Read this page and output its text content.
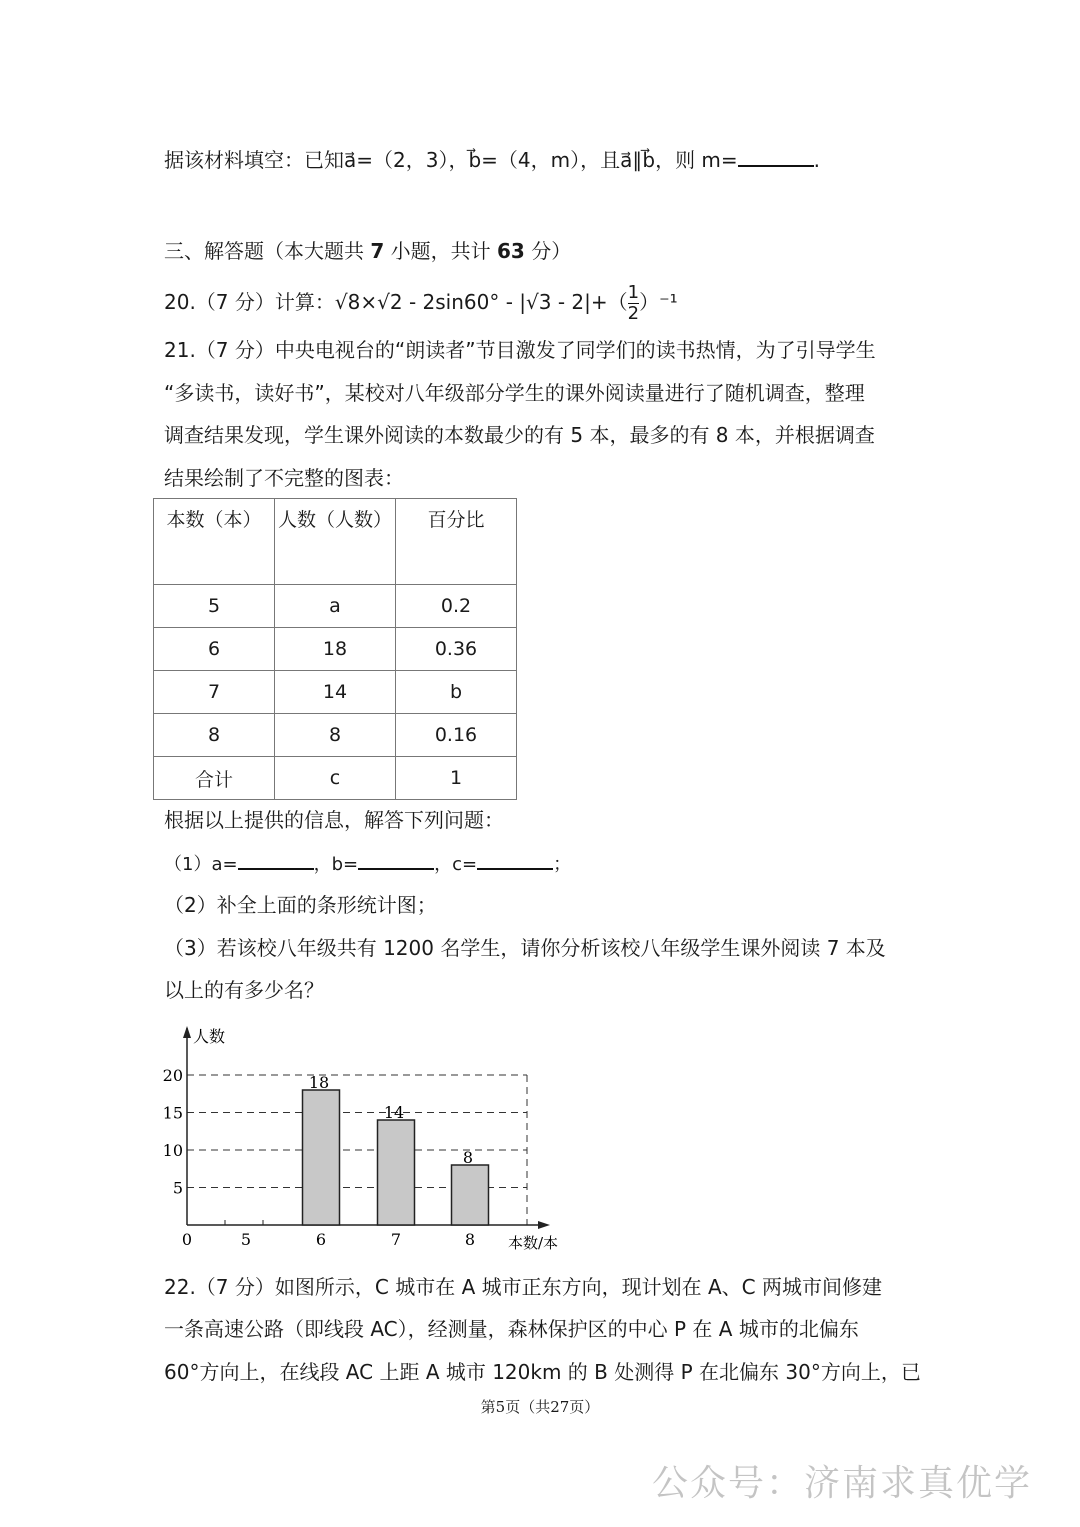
据该材料填空：已知a⃗=（2，3），b⃗=（4，m），且a⃗∥b⃗，则 m=	.
三、解答题（本大题共 7 小题，共计 63 分）
20.（7 分）计算：$√8\times√2 - 2\sin 60^\circ - |√3 - 2|+( \frac{1}{2} )^{-1}$
21.（7 分）中央电视台的“朗读者”节目激发了同学们的读书热情，为了引导学生
“多读书，读好书”，某校对八年级部分学生的课外阅读量进行了随机调查，整理
调查结果发现，学生课外阅读的本数最少的有 5 本，最多的有 8 本，并根据调查
结果绘制了不完整的图表：
本数（本）	人数（人数）	百分比
5	a	0.2
6	18	0.36
7	14	b
8	8	0.16
合计	c	1
根据以上提供的信息，解答下列问题：
（1）a=	，b=	，c=	；
（2）补全上面的条形统计图；
（3）若该校八年级共有 1200 名学生，请你分析该校八年级学生课外阅读 7 本及
以上的有多少名？
5
10
15
20
人数
本数/本
0	5	6
18
7
14
8
8
22.（7 分）如图所示，C 城市在 A 城市正东方向，现计划在 A、C 两城市间修建
一条高速公路（即线段 AC），经测量，森林保护区的中心 P 在 A 城市的北偏东
60°方向上，在线段 AC 上距 A 城市 120km 的 B 处测得 P 在北偏东 30°方向上，已
第5页（共27页）
公众号：济南求真优学
